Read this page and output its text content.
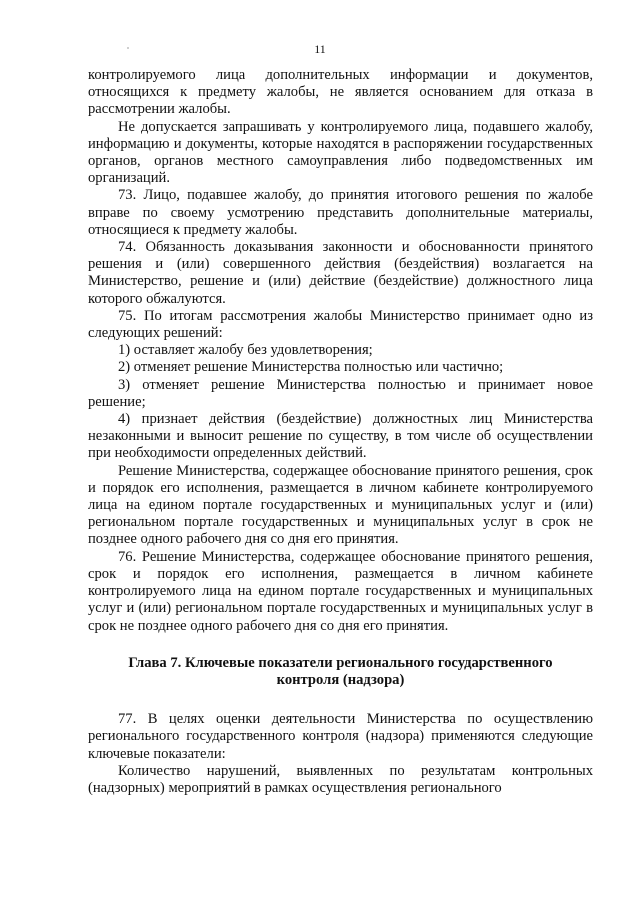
11

контролируемого лица дополнительных информации и документов, относящихся к предмету жалобы, не является основанием для отказа в рассмотрении жалобы.

Не допускается запрашивать у контролируемого лица, подавшего жалобу, информацию и документы, которые находятся в распоряжении государственных органов, органов местного самоуправления либо подведомственных им организаций.

73. Лицо, подавшее жалобу, до принятия итогового решения по жалобе вправе по своему усмотрению представить дополнительные материалы, относящиеся к предмету жалобы.

74. Обязанность доказывания законности и обоснованности принятого решения и (или) совершенного действия (бездействия) возлагается на Министерство, решение и (или) действие (бездействие) должностного лица которого обжалуются.

75. По итогам рассмотрения жалобы Министерство принимает одно из следующих решений:

1) оставляет жалобу без удовлетворения;

2) отменяет решение Министерства полностью или частично;

3) отменяет решение Министерства полностью и принимает новое решение;

4) признает действия (бездействие) должностных лиц Министерства незаконными и выносит решение по существу, в том числе об осуществлении при необходимости определенных действий.

Решение Министерства, содержащее обоснование принятого решения, срок и порядок его исполнения, размещается в личном кабинете контролируемого лица на едином портале государственных и муниципальных услуг и (или) региональном портале государственных и муниципальных услуг в срок не позднее одного рабочего дня со дня его принятия.

76. Решение Министерства, содержащее обоснование принятого решения, срок и порядок его исполнения, размещается в личном кабинете контролируемого лица на едином портале государственных и муниципальных услуг и (или) региональном портале государственных и муниципальных услуг в срок не позднее одного рабочего дня со дня его принятия.

Глава 7. Ключевые показатели регионального государственного контроля (надзора)

77. В целях оценки деятельности Министерства по осуществлению регионального государственного контроля (надзора) применяются следующие ключевые показатели:

Количество нарушений, выявленных по результатам контрольных (надзорных) мероприятий в рамках осуществления регионального
